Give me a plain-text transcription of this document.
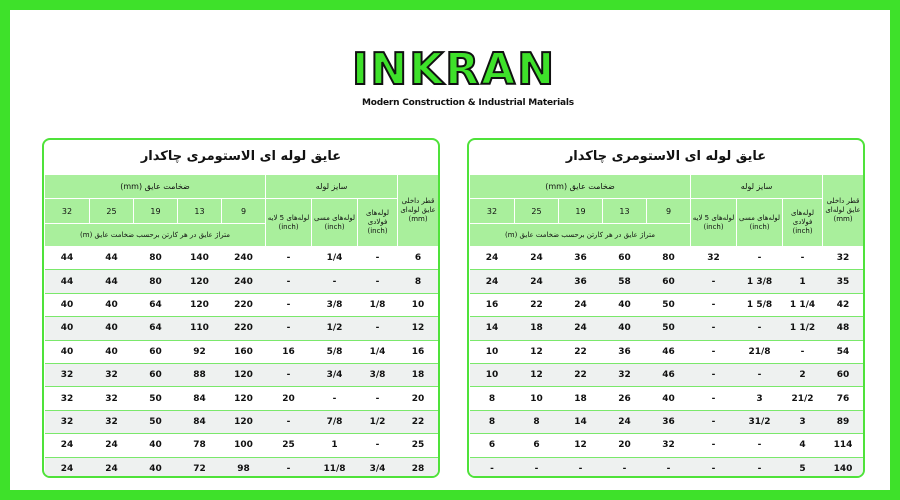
INKRAN
Modern Construction & Industrial Materials
عایق لوله ای الاستومری چاکدار
ضخامت عایق (mm)					سایز لوله			قطر داخلی عایق لوله‌ای (mm)
32	25	19	13	9	لوله‌های 5 لایه (inch)	لوله‌های مسی (inch)	لوله‌های فولادی (inch)	
متراژ عایق در هر کارتن برحسب ضخامت عایق (m)								
44	44	80	140	240	-	1/4	-	6
44	44	80	120	240	-	-	-	8
40	40	64	120	220	-	3/8	1/8	10
40	40	64	110	220	-	1/2	-	12
40	40	60	92	160	16	5/8	1/4	16
32	32	60	88	120	-	3/4	3/8	18
32	32	50	84	120	20	-	-	20
32	32	50	84	120	-	7/8	1/2	22
24	24	40	78	100	25	1	-	25
24	24	40	72	98	-	11/8	3/4	28
عایق لوله ای الاستومری چاکدار
ضخامت عایق (mm)					سایز لوله			قطر داخلی عایق لوله‌ای (mm)
32	25	19	13	9	لوله‌های 5 لایه (inch)	لوله‌های مسی (inch)	لوله‌های فولادی (inch)	
متراژ عایق در هر کارتن برحسب ضخامت عایق (m)								
24	24	36	60	80	32	-	-	32
24	24	36	58	60	-	1 3/8	1	35
16	22	24	40	50	-	1 5/8	1 1/4	42
14	18	24	40	50	-	-	1 1/2	48
10	12	22	36	46	-	21/8	-	54
10	12	22	32	46	-	-	2	60
8	10	18	26	40	-	3	21/2	76
8	8	14	24	36	-	31/2	3	89
6	6	12	20	32	-	-	4	114
-	-	-	-	-	-	-	5	140
